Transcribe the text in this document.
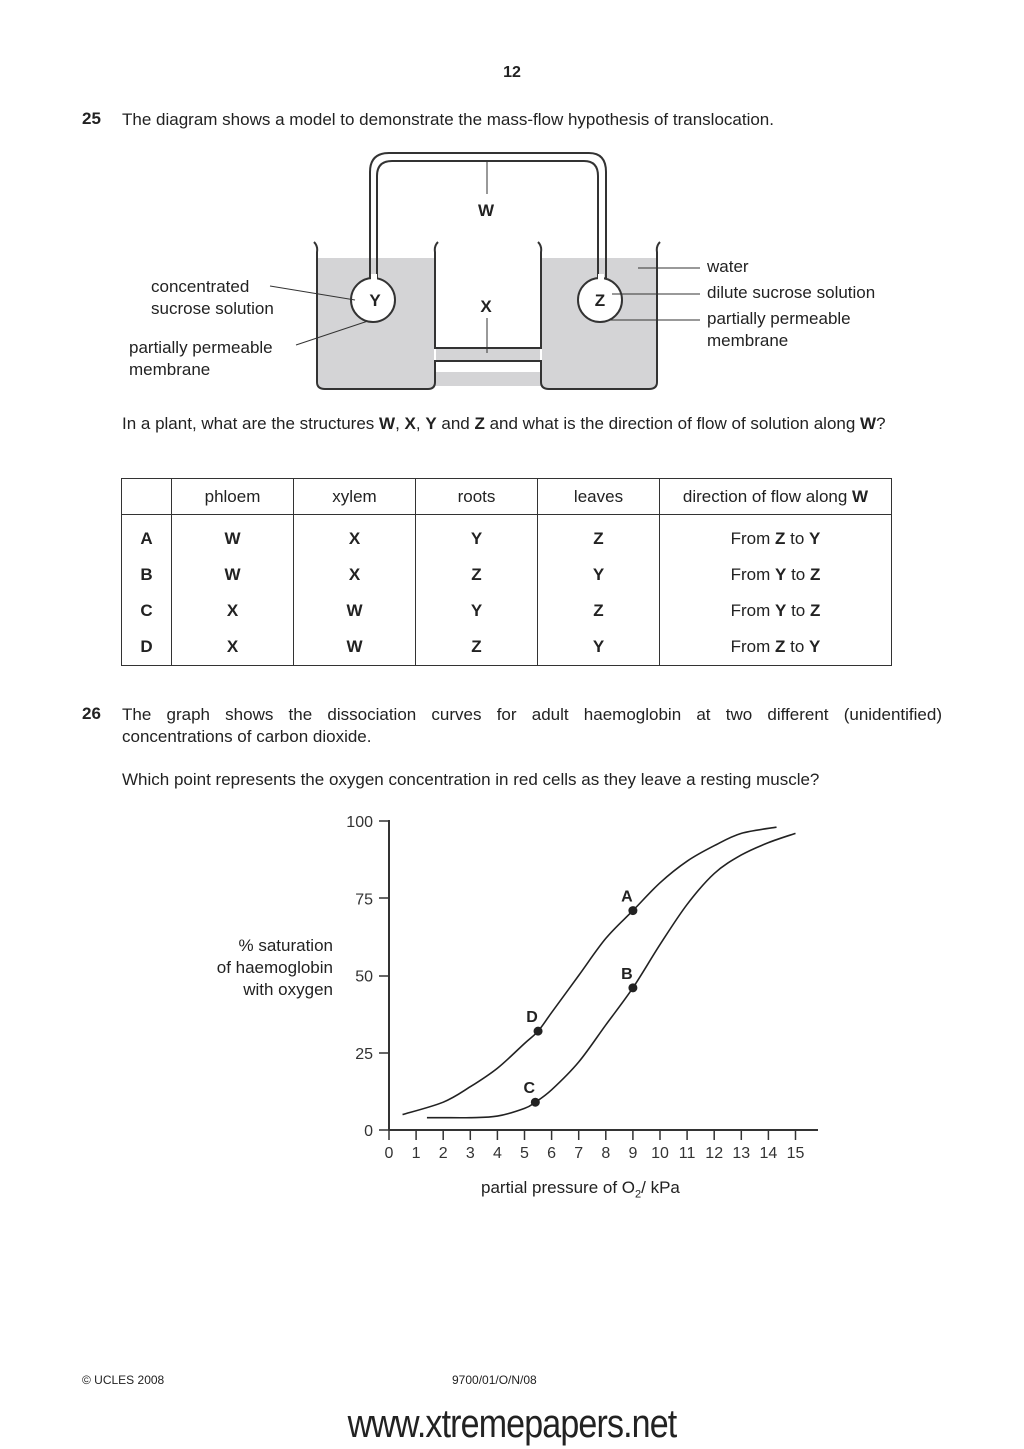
12
25 The diagram shows a model to demonstrate the mass-flow hypothesis of translocation.
W
X
Y	Z
concentrated
sucrose solution
partially permeable
membrane
water
dilute sucrose solution
partially permeable
membrane
In a plant, what are the structures W, X, Y and Z and what is the direction of flow of solution along W?
	phloem	xylem	roots	leaves	direction of flow along W
A	W	X	Y	Z	From Z to Y
B	W	X	Z	Y	From Y to Z
C	X	W	Y	Z	From Y to Z
D	X	W	Z	Y	From Z to Y
26 The graph shows the dissociation curves for adult haemoglobin at two different (unidentified)
concentrations of carbon dioxide.
Which point represents the oxygen concentration in red cells as they leave a resting muscle?
% saturation
of haemoglobin
with oxygen
0
25
50
75
100
0 1 2 3 4 5 6 7 8 9 10 11 12 13 14 15
A
B
C
D
partial pressure of $O_2/$ kPa
© UCLES 2008	9700/01/O/N/08
www.xtremepapers.net
